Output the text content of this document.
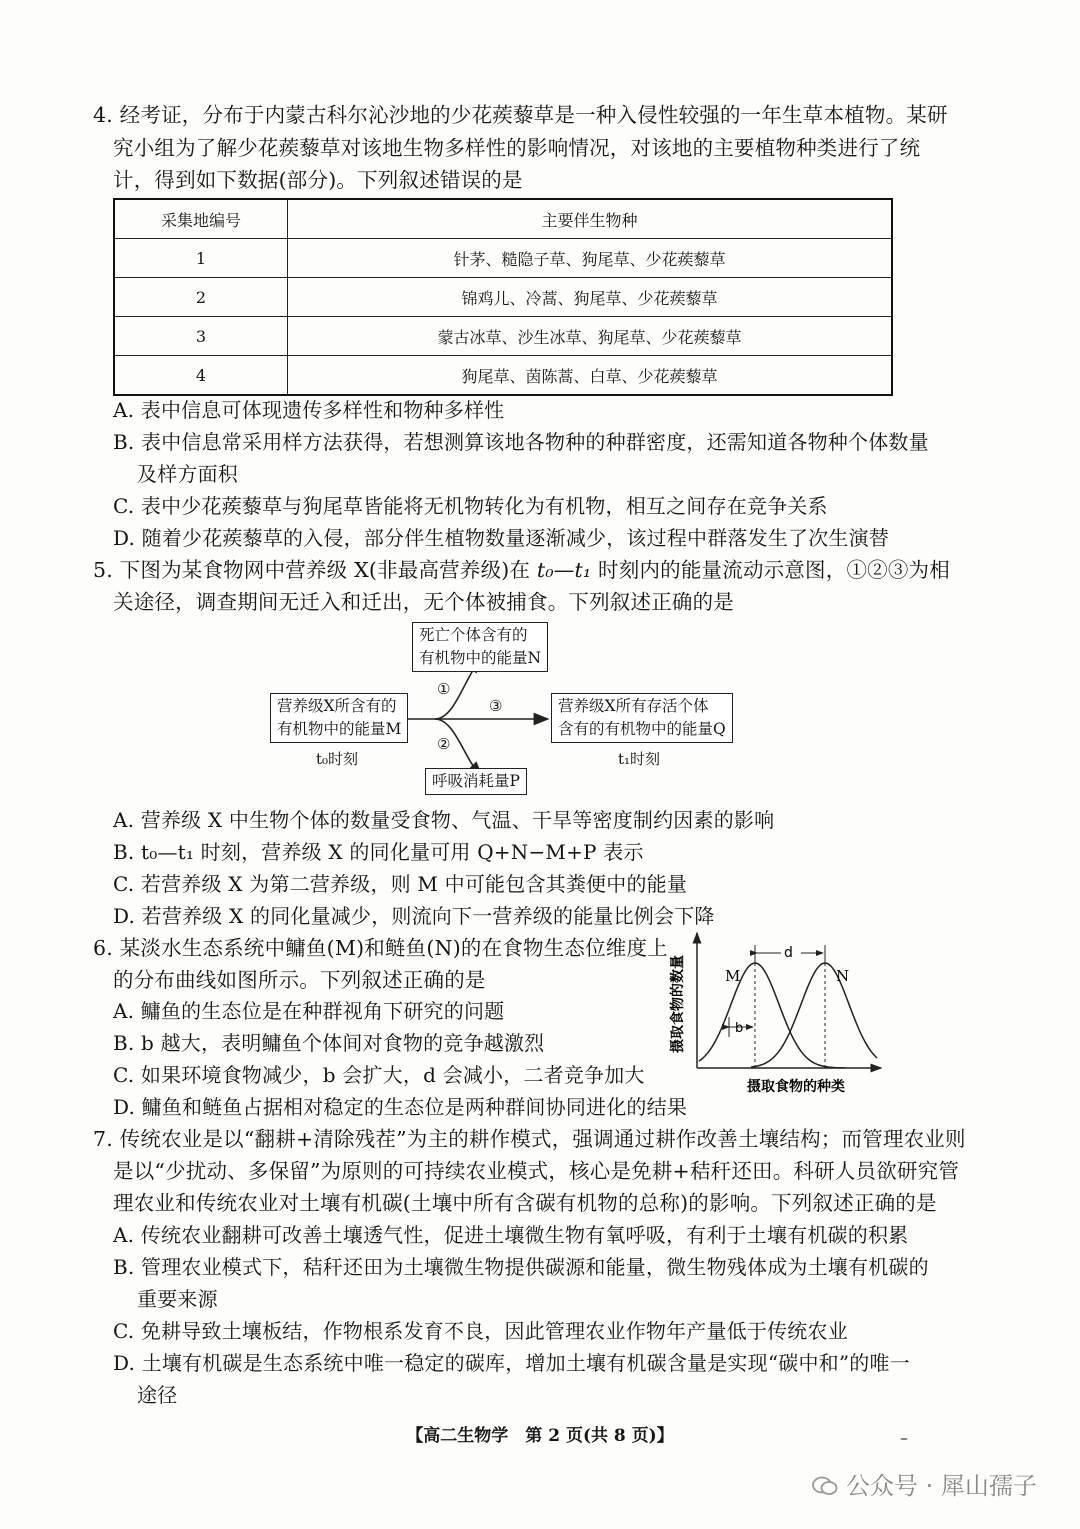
4. 经考证，分布于内蒙古科尔沁沙地的少花蒺藜草是一种入侵性较强的一年生草本植物。某研
究小组为了解少花蒺藜草对该地生物多样性的影响情况，对该地的主要植物种类进行了统
计，得到如下数据(部分)。下列叙述错误的是
采集地编号	主要伴生物种
1	针茅、糙隐子草、狗尾草、少花蒺藜草
2	锦鸡儿、冷蒿、狗尾草、少花蒺藜草
3	蒙古冰草、沙生冰草、狗尾草、少花蒺藜草
4	狗尾草、茵陈蒿、白草、少花蒺藜草
A. 表中信息可体现遗传多样性和物种多样性
B. 表中信息常采用样方法获得，若想测算该地各物种的种群密度，还需知道各物种个体数量
及样方面积
C. 表中少花蒺藜草与狗尾草皆能将无机物转化为有机物，相互之间存在竞争关系
D. 随着少花蒺藜草的入侵，部分伴生植物数量逐渐减少，该过程中群落发生了次生演替
5. 下图为某食物网中营养级 X(非最高营养级)在 t₀—t₁ 时刻内的能量流动示意图，①②③为相
关途径，调查期间无迁入和迁出，无个体被捕食。下列叙述正确的是
死亡个体含有的
有机物中的能量N
营养级X所含有的
有机物中的能量M
营养级X所有存活个体
含有的有机物中的能量Q
呼吸消耗量P
①
②
③
t₀时刻	t₁时刻
A. 营养级 X 中生物个体的数量受食物、气温、干旱等密度制约因素的影响
B. t₀—t₁ 时刻，营养级 X 的同化量可用 Q+N−M+P 表示
C. 若营养级 X 为第二营养级，则 M 中可能包含其粪便中的能量
D. 若营养级 X 的同化量减少，则流向下一营养级的能量比例会下降
6. 某淡水生态系统中鳙鱼(M)和鲢鱼(N)的在食物生态位维度上
的分布曲线如图所示。下列叙述正确的是
A. 鳙鱼的生态位是在种群视角下研究的问题
B. b 越大，表明鳙鱼个体间对食物的竞争越激烈
C. 如果环境食物减少，b 会扩大，d 会减小，二者竞争加大
D. 鳙鱼和鲢鱼占据相对稳定的生态位是两种群间协同进化的结果
d
b
M	N
摄取食物的种类
摄取食物的数量
7. 传统农业是以“翻耕+清除残茬”为主的耕作模式，强调通过耕作改善土壤结构；而管理农业则
是以“少扰动、多保留”为原则的可持续农业模式，核心是免耕+秸秆还田。科研人员欲研究管
理农业和传统农业对土壤有机碳(土壤中所有含碳有机物的总称)的影响。下列叙述正确的是
A. 传统农业翻耕可改善土壤透气性，促进土壤微生物有氧呼吸，有利于土壤有机碳的积累
B. 管理农业模式下，秸秆还田为土壤微生物提供碳源和能量，微生物残体成为土壤有机碳的
重要来源
C. 免耕导致土壤板结，作物根系发育不良，因此管理农业作物年产量低于传统农业
D. 土壤有机碳是生态系统中唯一稳定的碳库，增加土壤有机碳含量是实现“碳中和”的唯一
途径
【高二生物学　第 2 页(共 8 页)】	–
公众号 · 犀山孺子
